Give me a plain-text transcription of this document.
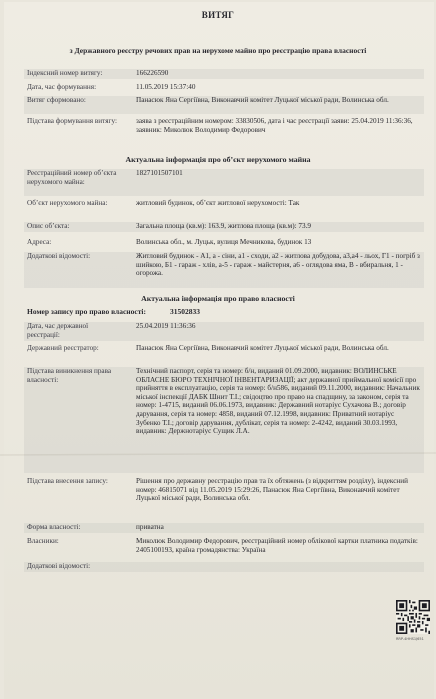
ВИТЯГ
з Державного реєстру речових прав на нерухоме майно про реєстрацію права власності
Індексний номер витягу:	166226590
Дата, час формування:	11.05.2019 15:37:40
Витяг сформовано:	Панасюк Яна Сергіївна, Виконавчий комітет Луцької міської ради, Волинська обл.
Підстава формування витягу:	заява з реєстраційним номером: 33830506, дата і час реєстрації заяви: 25.04.2019 11:36:36, заявник: Миколюк Володимир Федорович
Актуальна інформація про об’єкт нерухомого майна
Реєстраційний номер об’єкта нерухомого майна:
1827101507101
Об’єкт нерухомого майна:	житловий будинок, об’єкт житлової нерухомості: Так
Опис об’єкта:	Загальна площа (кв.м): 163.9, житлова площа (кв.м): 73.9
Адреса:	Волинська обл., м. Луцьк, вулиця Мечникова, будинок 13
Додаткові відомості:	Житловий будинок - А1, а - сіни, а1 - сходи, а2 - житлова добудова, а3,а4 - льох, Г1 - погріб з шийкою, Б1 - гараж - хлів, а-5 - гараж - майстерня, а6 - оглядова яма, В - вбиральня, 1 - огорожа.
Актуальна інформація про право власності
Номер запису про право власності:	31502833
Дата, час державної реєстрації:
25.04.2019 11:36:36
Державний реєстратор:	Панасюк Яна Сергіївна, Виконавчий комітет Луцької міської ради, Волинська обл.
Підстава виникнення права власності:
Технічний паспорт, серія та номер: б/н, виданий 01.09.2000, видавник: ВОЛИНСЬКЕ ОБЛАСНЕ БЮРО ТЕХНІЧНОЇ ІНВЕНТАРИЗАЦІЇ; акт державної приймальної комісії про прийняття в експлуатацію, серія та номер: б/н586, виданий 09.11.2000, видавник: Начальник міської інспекції ДАБК Шнит Т.І.; свідоцтво про право на спадщину, за законом, серія та номер: 1-4715, виданий 06.06.1973, видавник: Державний нотаріус Сухачова В.; договір дарування, серія та номер: 4858, виданий 07.12.1998, видавник: Приватний нотаріус Зубенко Т.І.; договір дарування, дублікат, серія та номер: 2-4242, виданий 30.03.1993, видавник: Держнотаріус Сущик Л.А.
Підстава внесення запису:	Рішення про державну реєстрацію прав та їх обтяжень (з відкриттям розділу), індексний номер: 46815071 від 11.05.2019 15:29:26, Панасюк Яна Сергіївна, Виконавчий комітет Луцької міської ради, Волинська обл.
Форма власності:	приватна
Власники:	Миколюк Володимир Федорович, реєстраційний номер облікової картки платника податків: 2405100193, країна громадянства: Україна
Додаткові відомості:
RRP-4HHS1J651
